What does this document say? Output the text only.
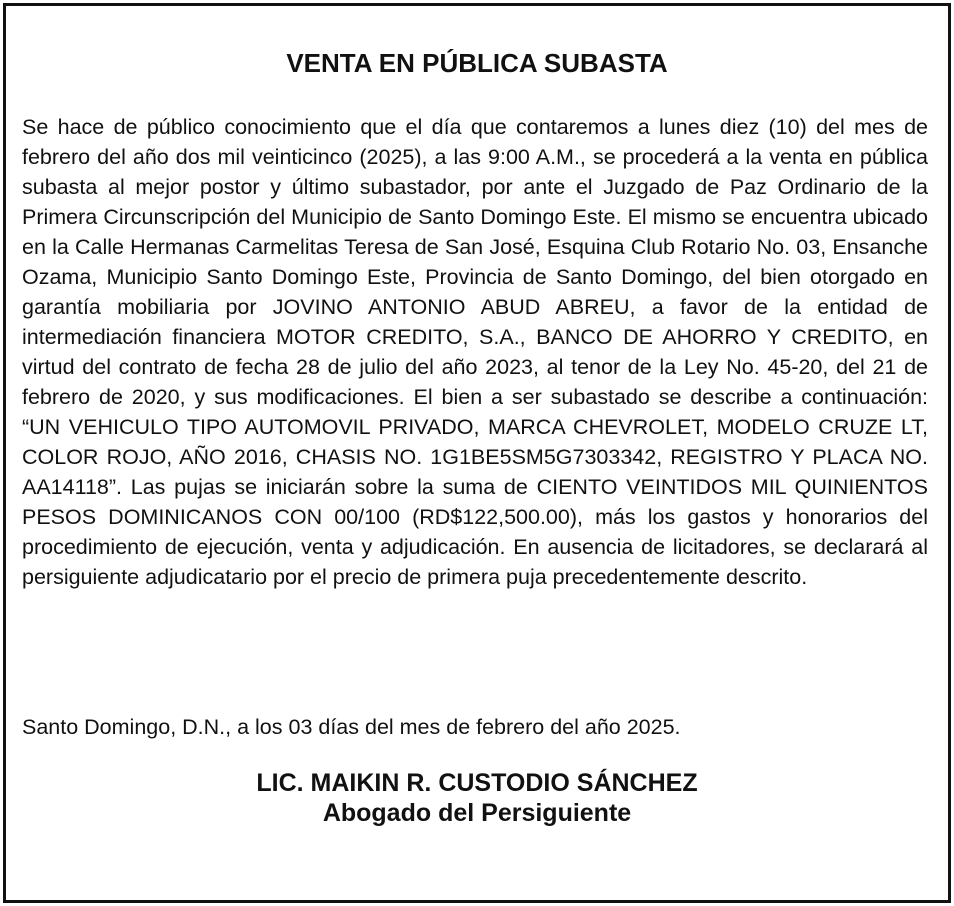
VENTA EN PÚBLICA SUBASTA

Se hace de público conocimiento que el día que contaremos a lunes diez (10) del mes de febrero del año dos mil veinticinco (2025), a las 9:00 A.M., se procederá a la venta en pública subasta al mejor postor y último subastador, por ante el Juzgado de Paz Ordinario de la Primera Circunscripción del Municipio de Santo Domingo Este. El mismo se encuentra ubicado en la Calle Hermanas Carmelitas Teresa de San José, Esquina Club Rotario No. 03, Ensanche Ozama, Municipio Santo Domingo Este, Provincia de Santo Domingo, del bien otorgado en garantía mobiliaria por JOVINO ANTONIO ABUD ABREU, a favor de la entidad de intermediación financiera MOTOR CREDITO, S.A., BANCO DE AHORRO Y CREDITO, en virtud del contrato de fecha 28 de julio del año 2023, al tenor de la Ley No. 45-20, del 21 de febrero de 2020, y sus modificaciones. El bien a ser subastado se describe a continuación: “UN VEHICULO TIPO AUTOMOVIL PRIVADO, MARCA CHEVROLET, MODELO CRUZE LT, COLOR ROJO, AÑO 2016, CHASIS NO. 1G1BE5SM5G7303342, REGISTRO Y PLACA NO. AA14118”. Las pujas se iniciarán sobre la suma de CIENTO VEINTIDOS MIL QUINIENTOS PESOS DOMINICANOS CON 00/100 (RD$122,500.00), más los gastos y honorarios del procedimiento de ejecución, venta y adjudicación. En ausencia de licitadores, se declarará al persiguiente adjudicatario por el precio de primera puja precedentemente descrito.

Santo Domingo, D.N., a los 03 días del mes de febrero del año 2025.

LIC. MAIKIN R. CUSTODIO SÁNCHEZ
Abogado del Persiguiente
